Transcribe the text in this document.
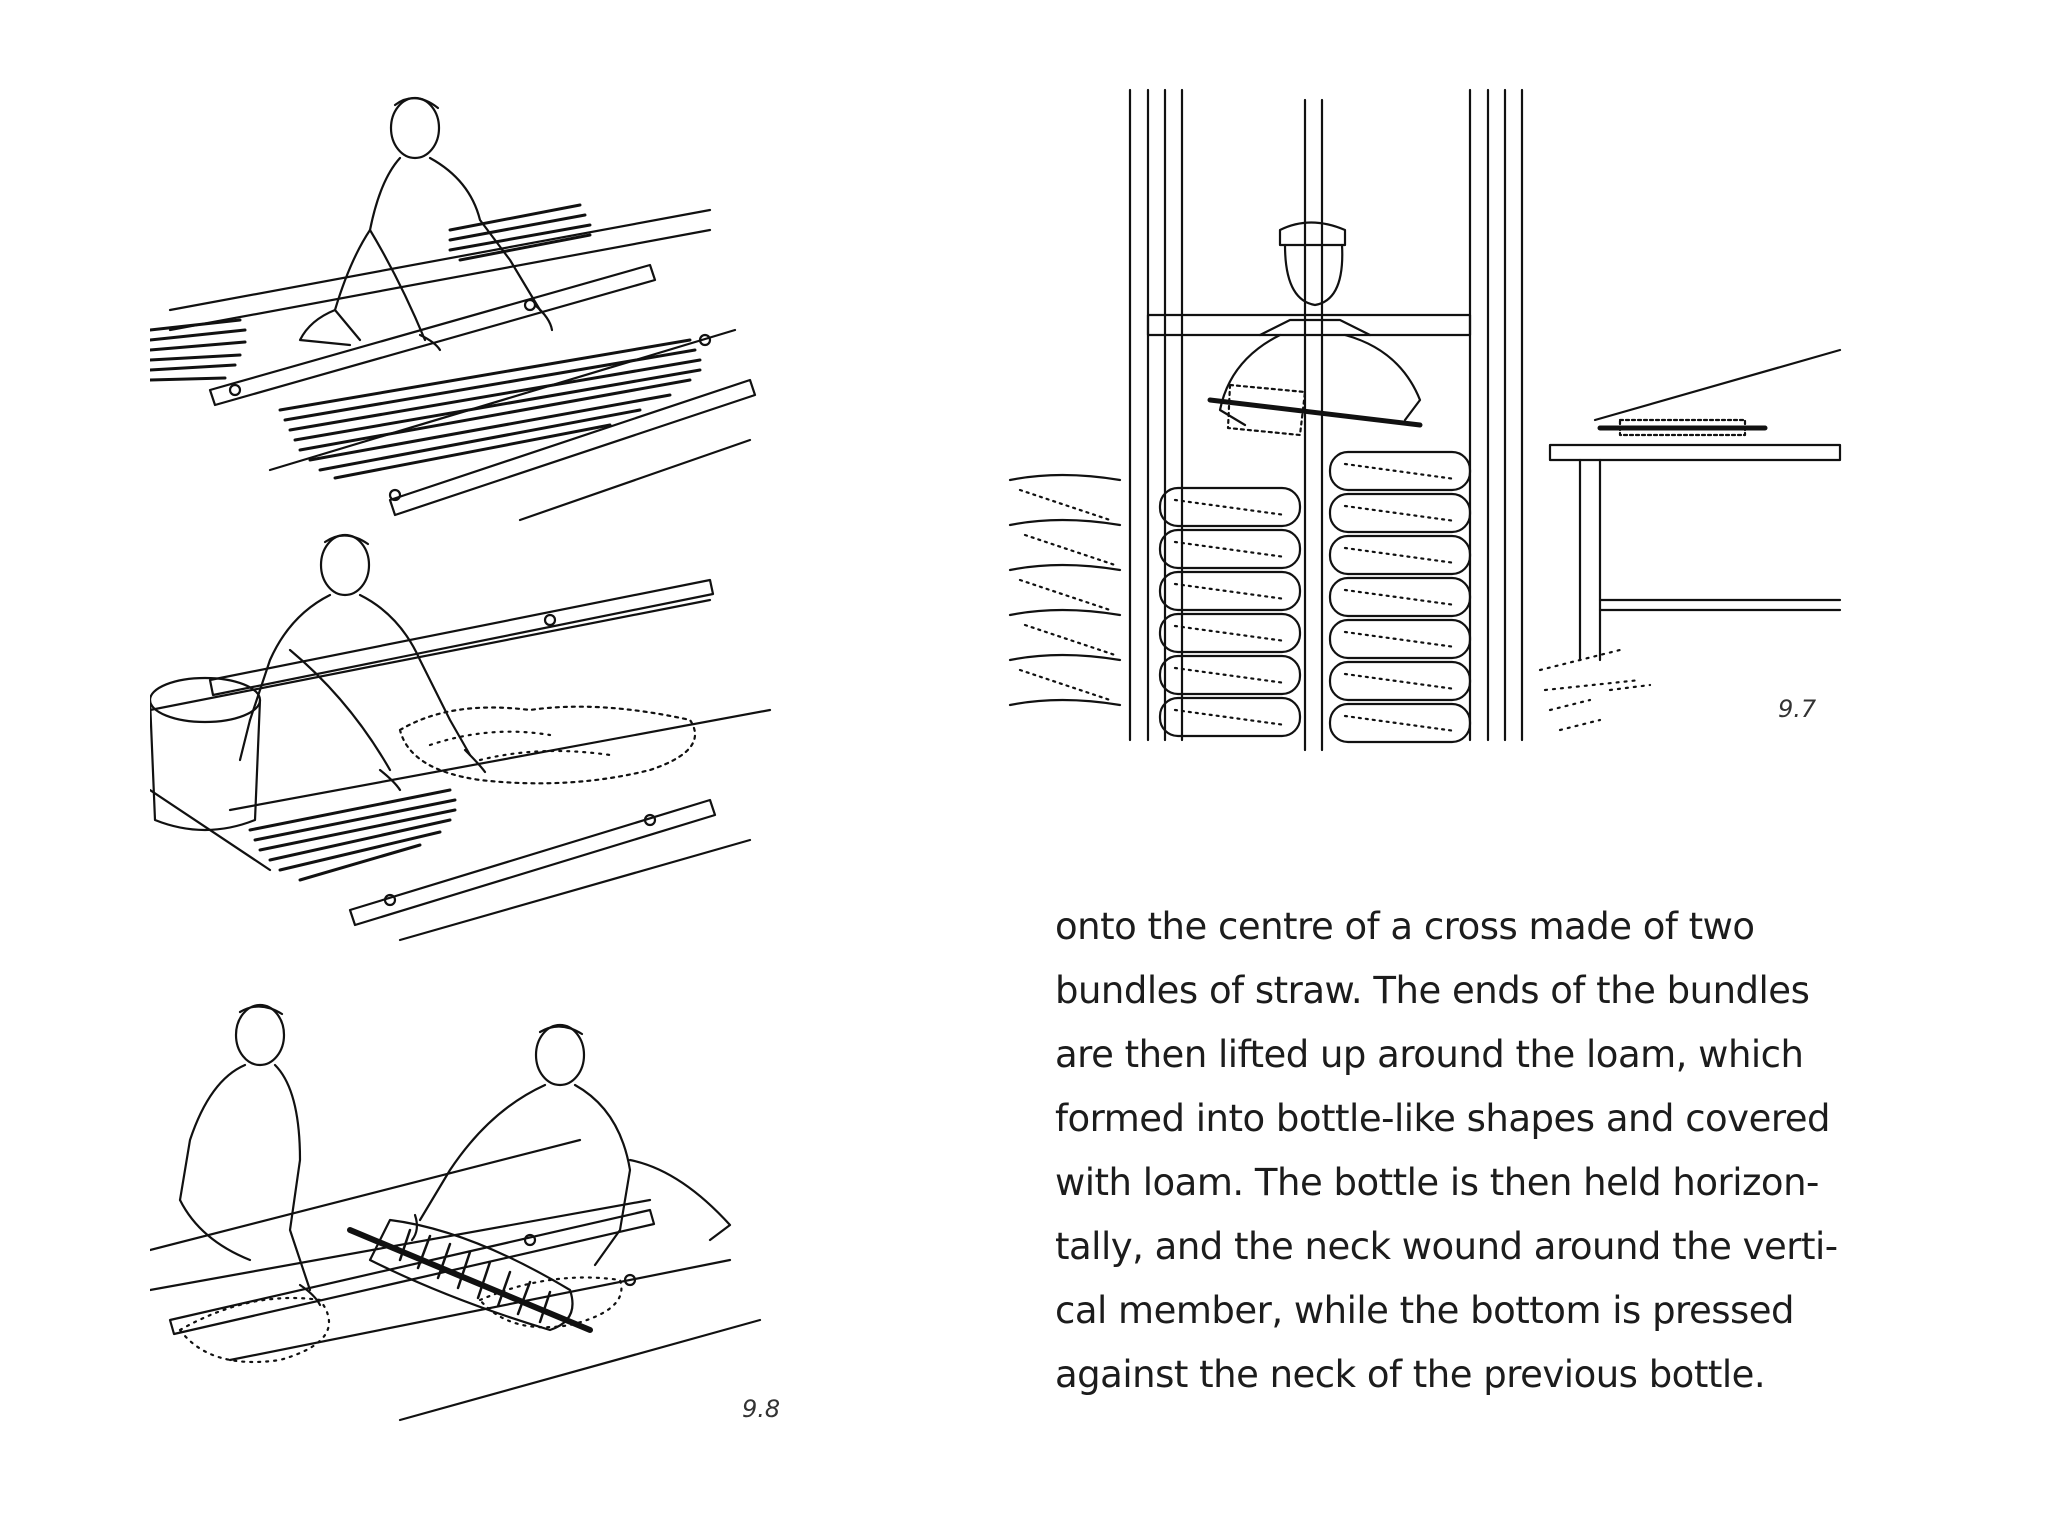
9.8
9.7
onto the centre of a cross made of two
bundles of straw. The ends of the bundles
are then lifted up around the loam, which
formed into bottle-like shapes and covered
with loam. The bottle is then held horizon-
tally, and the neck wound around the verti-
cal member, while the bottom is pressed
against the neck of the previous bottle.
